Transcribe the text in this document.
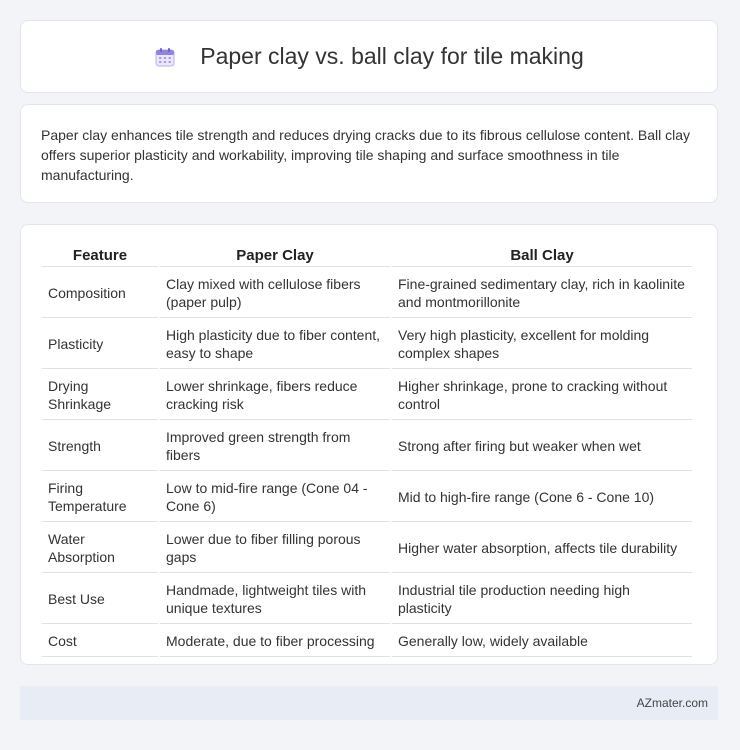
Paper clay vs. ball clay for tile making

Paper clay enhances tile strength and reduces drying cracks due to its fibrous cellulose content. Ball clay offers superior plasticity and workability, improving tile shaping and surface smoothness in tile manufacturing.

Feature	Paper Clay	Ball Clay
Composition	Clay mixed with cellulose fibers (paper pulp)	Fine-grained sedimentary clay, rich in kaolinite and montmorillonite
Plasticity	High plasticity due to fiber content, easy to shape	Very high plasticity, excellent for molding complex shapes
Drying Shrinkage	Lower shrinkage, fibers reduce cracking risk	Higher shrinkage, prone to cracking without control
Strength	Improved green strength from fibers	Strong after firing but weaker when wet
Firing Temperature	Low to mid-fire range (Cone 04 - Cone 6)	Mid to high-fire range (Cone 6 - Cone 10)
Water Absorption	Lower due to fiber filling porous gaps	Higher water absorption, affects tile durability
Best Use	Handmade, lightweight tiles with unique textures	Industrial tile production needing high plasticity
Cost	Moderate, due to fiber processing	Generally low, widely available
AZmater.com
